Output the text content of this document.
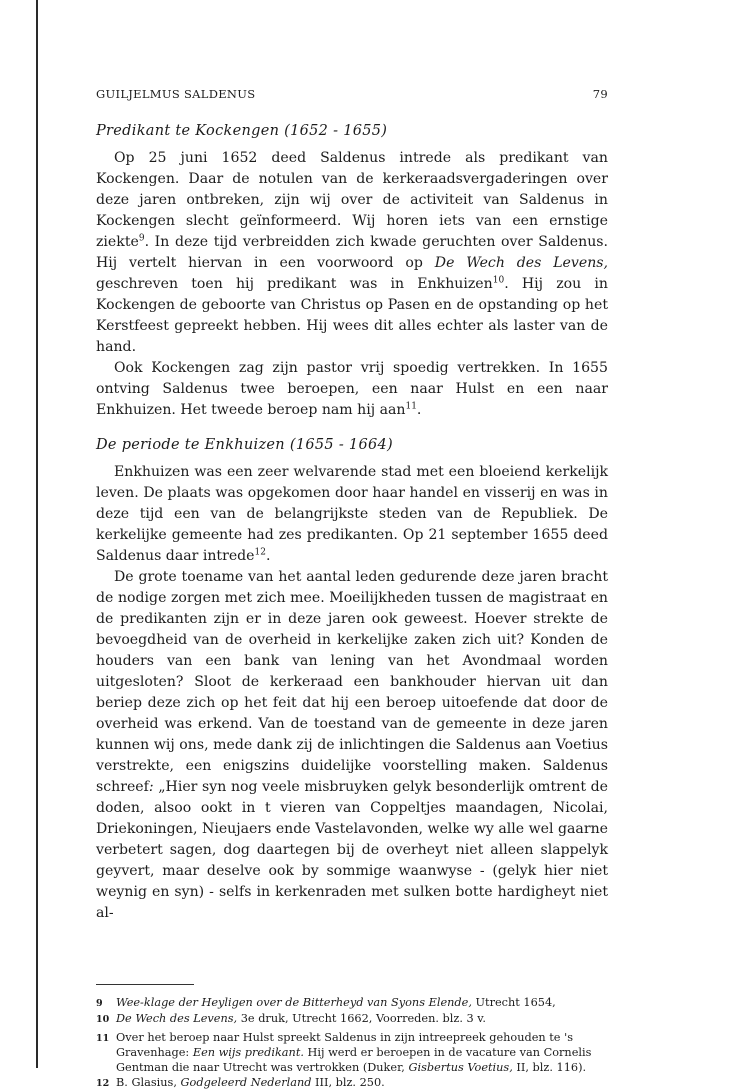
GUILJELMUS SALDENUS	79
Predikant te Kockengen (1652 - 1655)

Op 25 juni 1652 deed Saldenus intrede als predikant van Kockengen. Daar de notulen van de kerkeraadsvergaderingen over deze jaren ontbreken, zijn wij over de activiteit van Saldenus in Kockengen slecht geïnformeerd. Wij horen iets van een ernstige ziekte$^9$. In deze tijd verbreidden zich kwade geruchten over Saldenus. Hij vertelt hiervan in een voorwoord op De Wech des Levens, geschreven toen hij predikant was in Enkhuizen$^{10}$. Hij zou in Kockengen de geboorte van Christus op Pasen en de opstanding op het Kerstfeest gepreekt hebben. Hij wees dit alles echter als laster van de hand.

Ook Kockengen zag zijn pastor vrij spoedig vertrekken. In 1655 ontving Saldenus twee beroepen, een naar Hulst en een naar Enkhuizen. Het tweede beroep nam hij aan$^{11}$.

De periode te Enkhuizen (1655 - 1664)

Enkhuizen was een zeer welvarende stad met een bloeiend kerkelijk leven. De plaats was opgekomen door haar handel en visserij en was in deze tijd een van de belangrijkste steden van de Republiek. De kerkelijke gemeente had zes predikanten. Op 21 september 1655 deed Saldenus daar intrede$^{12}$.

De grote toename van het aantal leden gedurende deze jaren bracht de nodige zorgen met zich mee. Moeilijkheden tussen de magistraat en de predikanten zijn er in deze jaren ook geweest. Hoever strekte de bevoegdheid van de overheid in kerkelijke zaken zich uit? Konden de houders van een bank van lening van het Avondmaal worden uitgesloten? Sloot de kerkeraad een bankhouder hiervan uit dan beriep deze zich op het feit dat hij een beroep uitoefende dat door de overheid was erkend. Van de toestand van de gemeente in deze jaren kunnen wij ons, mede dank zij de inlichtingen die Saldenus aan Voetius verstrekte, een enigszins duidelijke voorstelling maken. Saldenus schreef: „Hier syn nog veele misbruyken gelyk besonderlijk omtrent de doden, alsoo ookt in t vieren van Coppeltjes maandagen, Nicolai, Driekoningen, Nieujaers ende Vastelavonden, welke wy alle wel gaarne verbetert sagen, dog daartegen bij de overheyt niet alleen slappelyk geyvert, maar deselve ook by sommige waanwyse - (gelyk hier niet weynig en syn) - selfs in kerkenraden met sulken botte hardigheyt niet al-

9	Wee-klage der Heyligen over de Bitterheyd van Syons Elende, Utrecht 1654,
10 De Wech des Levens, 3e druk, Utrecht 1662, Voorreden. blz. 3 v.
11 Over het beroep naar Hulst spreekt Saldenus in zijn intreepreek gehouden te 's Gravenhage: Een wijs predikant. Hij werd er beroepen in de vacature van Cornelis Gentman die naar Utrecht was vertrokken (Duker, Gisbertus Voetius, II, blz. 116).
12 B. Glasius, Godgeleerd Nederland III, blz. 250.
